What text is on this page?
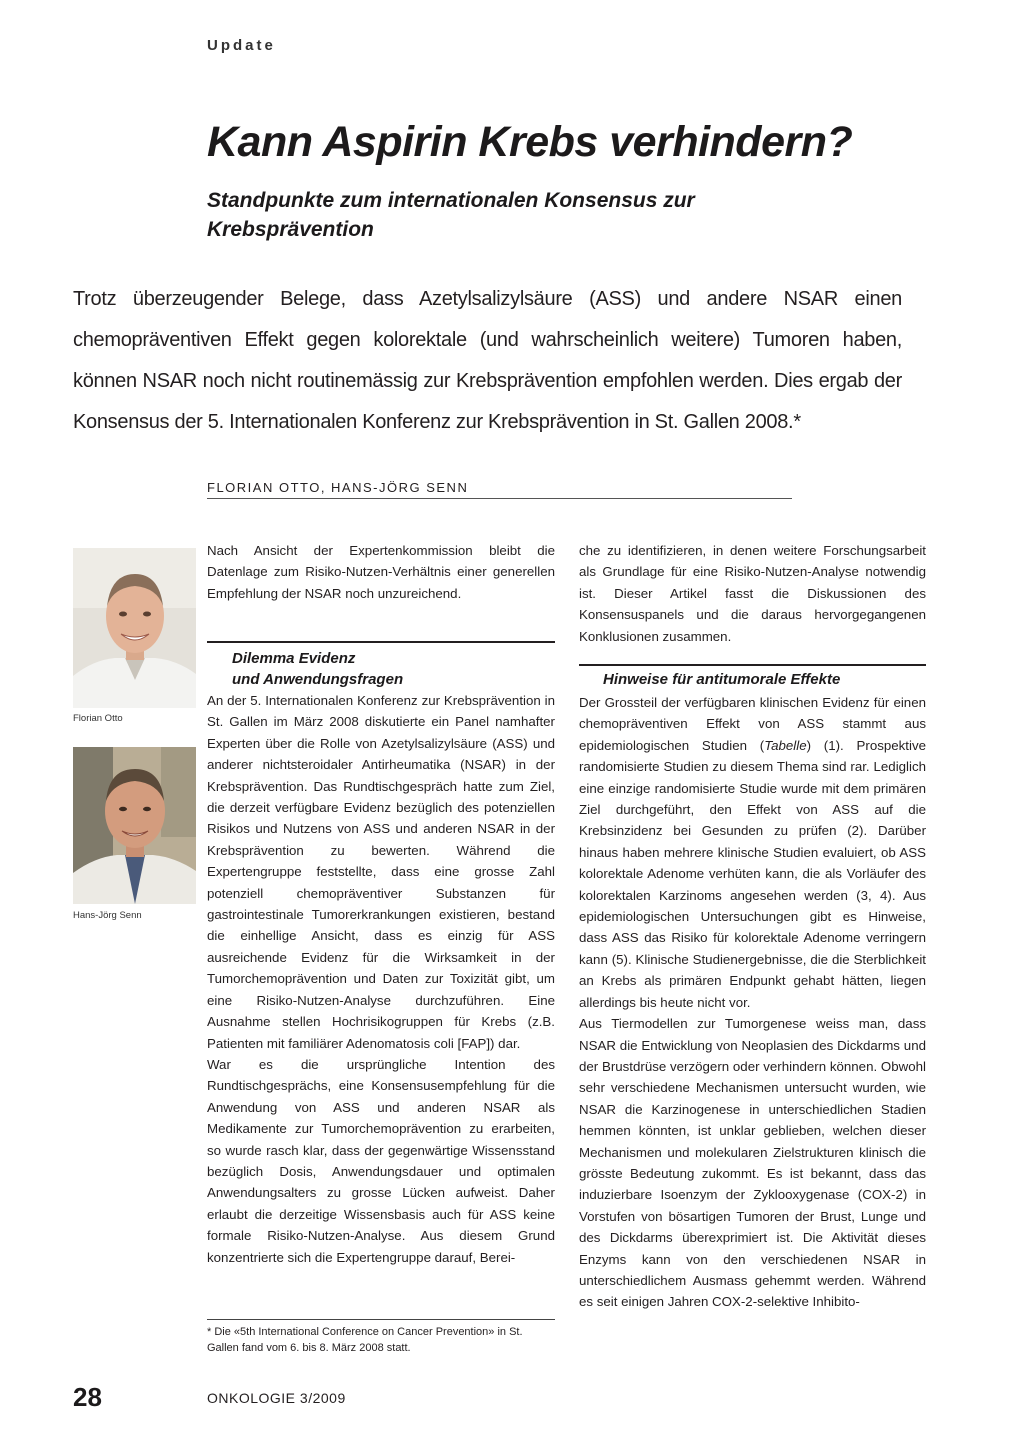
Update
Kann Aspirin Krebs verhindern?
Standpunkte zum internationalen Konsensus zur Krebsprävention
Trotz überzeugender Belege, dass Azetylsalizylsäure (ASS) und andere NSAR einen chemopräventiven Effekt gegen kolorektale (und wahrscheinlich weitere) Tumoren haben, können NSAR noch nicht routinemässig zur Krebsprävention empfohlen werden. Dies ergab der Konsensus der 5. Internationalen Konferenz zur Krebsprävention in St. Gallen 2008.*
FLORIAN OTTO, HANS-JÖRG SENN
Florian Otto
Hans-Jörg Senn

Nach Ansicht der Expertenkommission bleibt die Datenlage zum Risiko-Nutzen-Verhältnis einer generellen Empfehlung der NSAR noch unzureichend.

Dilemma Evidenz
und Anwendungsfragen

An der 5. Internationalen Konferenz zur Krebsprävention in St. Gallen im März 2008 diskutierte ein Panel namhafter Experten über die Rolle von Azetylsalizylsäure (ASS) und anderer nichtsteroidaler Antirheumatika (NSAR) in der Krebsprävention. Das Rundtischgespräch hatte zum Ziel, die derzeit verfügbare Evidenz bezüglich des potenziellen Risikos und Nutzens von ASS und anderen NSAR in der Krebsprävention zu bewerten. Während die Expertengruppe feststellte, dass eine grosse Zahl potenziell chemopräventiver Substanzen für gastrointestinale Tumorerkrankungen existieren, bestand die einhellige Ansicht, dass es einzig für ASS ausreichende Evidenz für die Wirksamkeit in der Tumorchemoprävention und Daten zur Toxizität gibt, um eine Risiko-Nutzen-Analyse durchzuführen. Eine Ausnahme stellen Hochrisikogruppen für Krebs (z.B. Patienten mit familiärer Adenomatosis coli [FAP]) dar.

War es die ursprüngliche Intention des Rundtischgesprächs, eine Konsensusempfehlung für die Anwendung von ASS und anderen NSAR als Medikamente zur Tumorchemoprävention zu erarbeiten, so wurde rasch klar, dass der gegenwärtige Wissensstand bezüglich Dosis, Anwendungsdauer und optimalen Anwendungsalters zu grosse Lücken aufweist. Daher erlaubt die derzeitige Wissensbasis auch für ASS keine formale Risiko-Nutzen-Analyse. Aus diesem Grund konzentrierte sich die Expertengruppe darauf, Berei-

* Die «5th International Conference on Cancer Prevention» in St. Gallen fand vom 6. bis 8. März 2008 statt.

che zu identifizieren, in denen weitere Forschungsarbeit als Grundlage für eine Risiko-Nutzen-Analyse notwendig ist. Dieser Artikel fasst die Diskussionen des Konsensuspanels und die daraus hervorgegangenen Konklusionen zusammen.

Hinweise für antitumorale Effekte

Der Grossteil der verfügbaren klinischen Evidenz für einen chemopräventiven Effekt von ASS stammt aus epidemiologischen Studien (Tabelle) (1). Prospektive randomisierte Studien zu diesem Thema sind rar. Lediglich eine einzige randomisierte Studie wurde mit dem primären Ziel durchgeführt, den Effekt von ASS auf die Krebsinzidenz bei Gesunden zu prüfen (2). Darüber hinaus haben mehrere klinische Studien evaluiert, ob ASS kolorektale Adenome verhüten kann, die als Vorläufer des kolorektalen Karzinoms angesehen werden (3, 4). Aus epidemiologischen Untersuchungen gibt es Hinweise, dass ASS das Risiko für kolorektale Adenome verringern kann (5). Klinische Studienergebnisse, die die Sterblichkeit an Krebs als primären Endpunkt gehabt hätten, liegen allerdings bis heute nicht vor.

Aus Tiermodellen zur Tumorgenese weiss man, dass NSAR die Entwicklung von Neoplasien des Dickdarms und der Brustdrüse verzögern oder verhindern können. Obwohl sehr verschiedene Mechanismen untersucht wurden, wie NSAR die Karzinogenese in unterschiedlichen Stadien hemmen könnten, ist unklar geblieben, welchen dieser Mechanismen und molekularen Zielstrukturen klinisch die grösste Bedeutung zukommt. Es ist bekannt, dass das induzierbare Isoenzym der Zyklooxygenase (COX-2) in Vorstufen von bösartigen Tumoren der Brust, Lunge und des Dickdarms überexprimiert ist. Die Aktivität dieses Enzyms kann von den verschiedenen NSAR in unterschiedlichem Ausmass gehemmt werden. Während es seit einigen Jahren COX-2-selektive Inhibito-

28	ONKOLOGIE 3/2009
